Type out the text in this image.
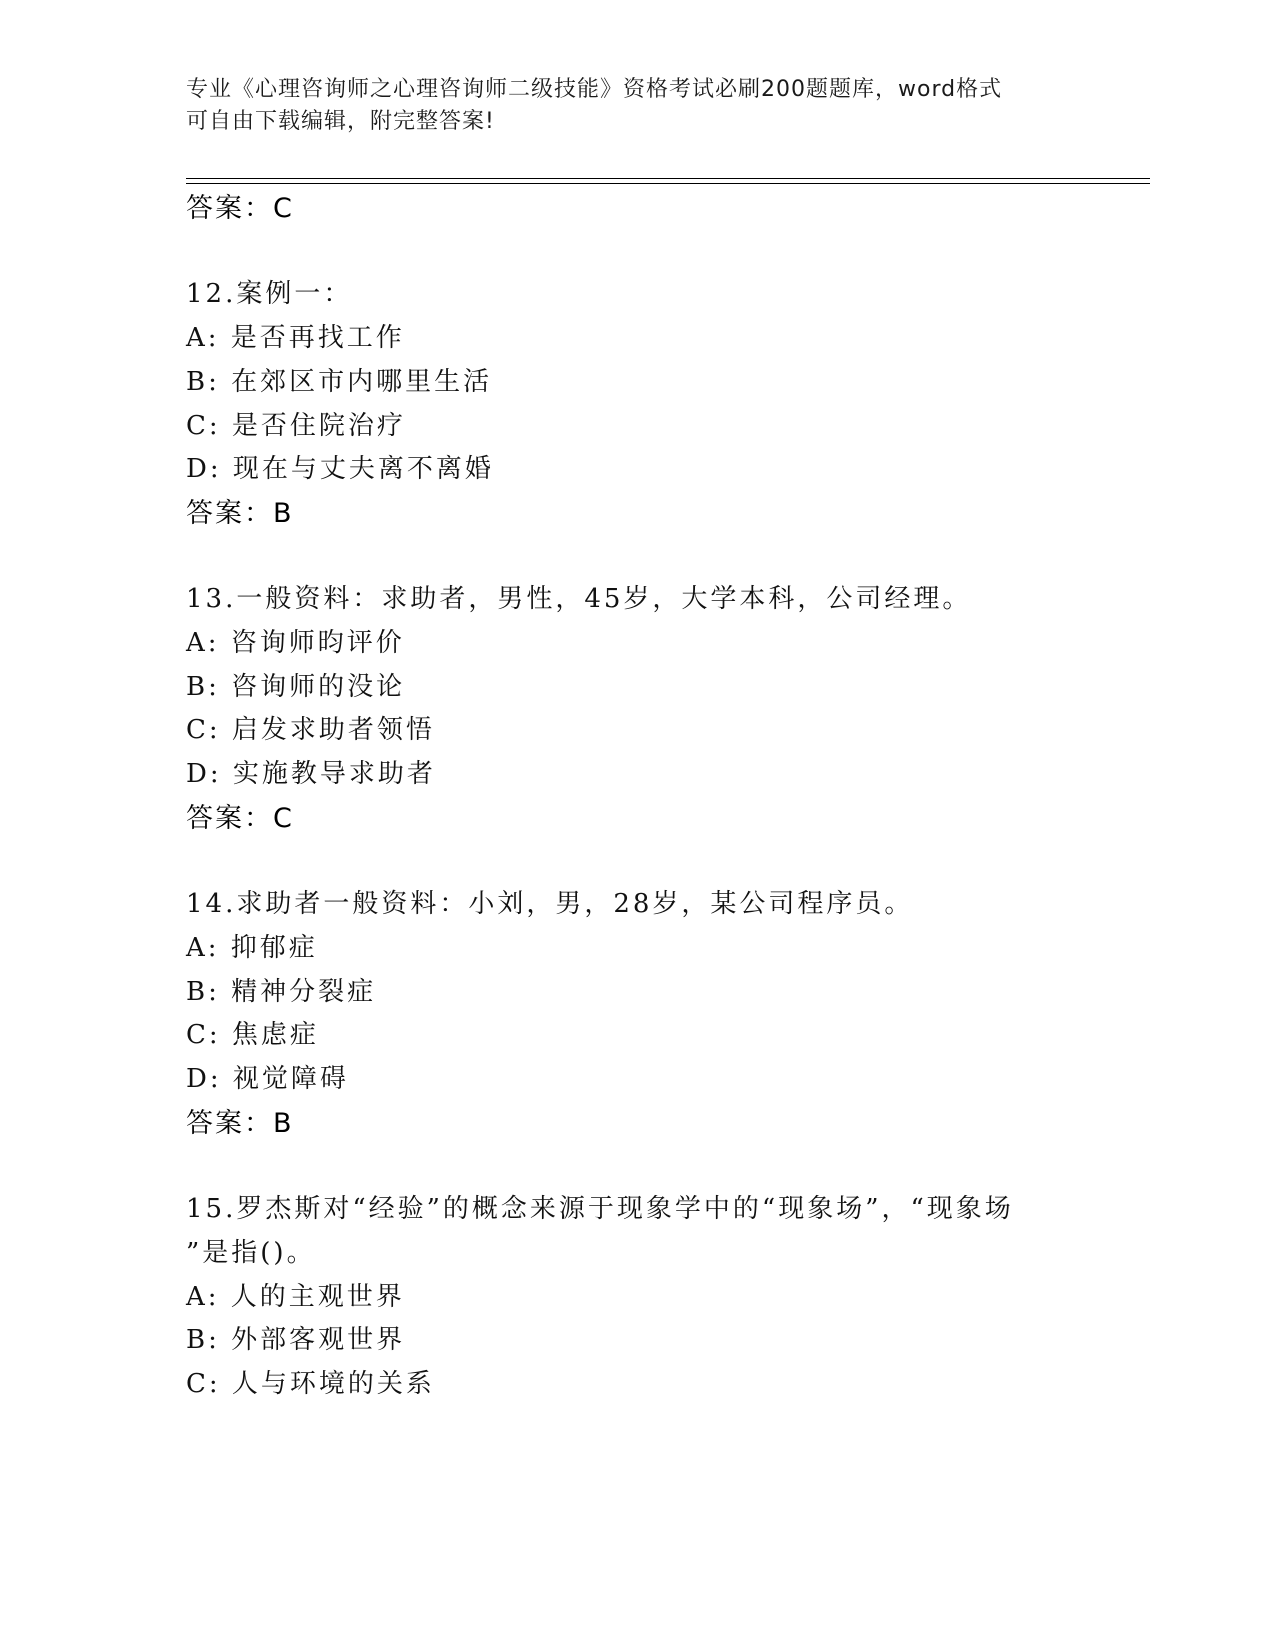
专业《心理咨询师之心理咨询师二级技能》资格考试必刷200题题库，word格式
可自由下载编辑，附完整答案!
答案：C
12.案例一：
A: 是否再找工作
B: 在郊区市内哪里生活
C: 是否住院治疗
D: 现在与丈夫离不离婚
答案：B
13.一般资料：求助者，男性，45岁，大学本科，公司经理。
A: 咨询师昀评价
B: 咨询师的没论
C: 启发求助者领悟
D: 实施教导求助者
答案：C
14.求助者一般资料：小刘，男，28岁，某公司程序员。
A: 抑郁症
B: 精神分裂症
C: 焦虑症
D: 视觉障碍
答案：B
15.罗杰斯对“经验”的概念来源于现象学中的“现象场”，“现象场
”是指()。
A: 人的主观世界
B: 外部客观世界
C: 人与环境的关系
